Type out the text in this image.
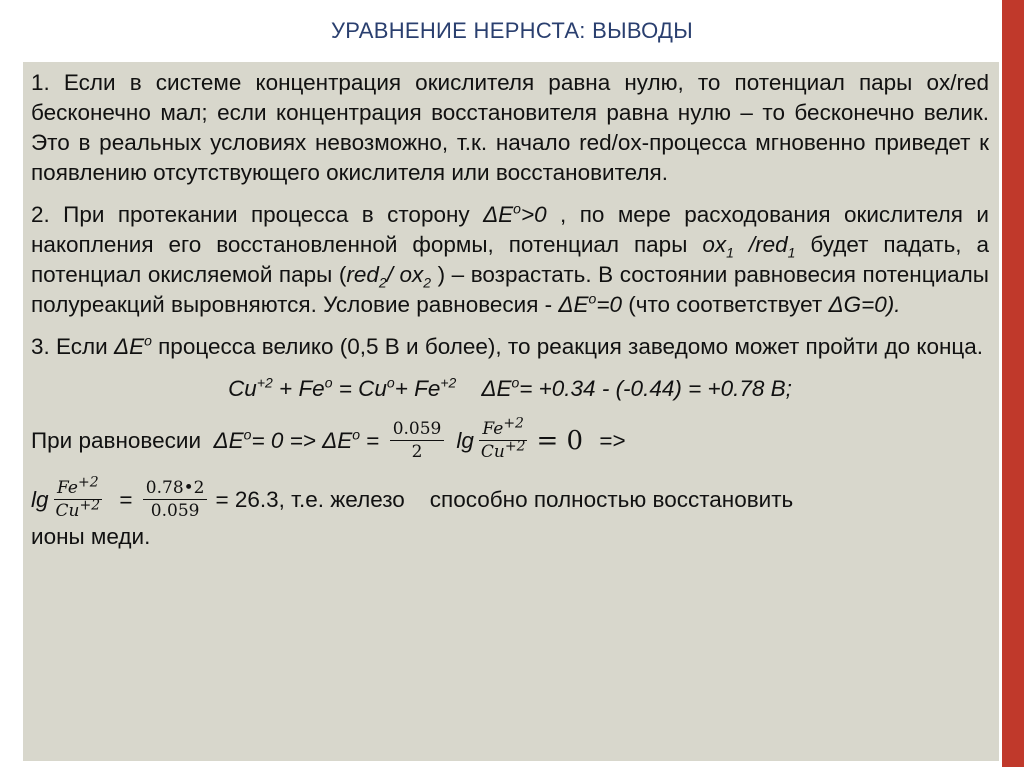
УРАВНЕНИЕ НЕРНСТА: ВЫВОДЫ

1. Если в системе концентрация окислителя равна нулю, то потенциал пары ox/red бесконечно мал; если концентрация восстановителя равна нулю – то бесконечно велик. Это в реальных условиях невозможно, т.к. начало red/ox-процесса мгновенно приведет к появлению отсутствующего окислителя или восстановителя.

2. При протекании процесса в сторону $\Delta E^o>0$ , по мере расходования окислителя и накопления его восстановленной формы, потенциал пары $ox_1$ /red$_1$ будет падать, а потенциал окисляемой пары (red$_2$/ $ox_2$ ) – возрастать. В состоянии равновесия потенциалы полуреакций выровняются. Условие равновесия - $\Delta E^o=0$ (что соответствует ΔG=0).

3. Если $\Delta E^o$ процесса велико (0,5 В и более), то реакция заведомо может пройти до конца.

$Cu^{+2} + Fe^o = Cu^o+ Fe^{+2}$ $\Delta E^o= +0.34 - (-0.44) = +0.78$ В;

При равновесии $\Delta E^o= 0 => \Delta E^o = \frac{0.059}{2}$ $\lg \frac{Fe^{+2}}{Cu^{+2}} = 0$ =>
$\lg \frac{Fe^{+2}}{Cu^{+2}} = \frac{0.78•2}{0.059} = 26.3$, т.е. железо    способно полностью восстановить
ионы меди.
